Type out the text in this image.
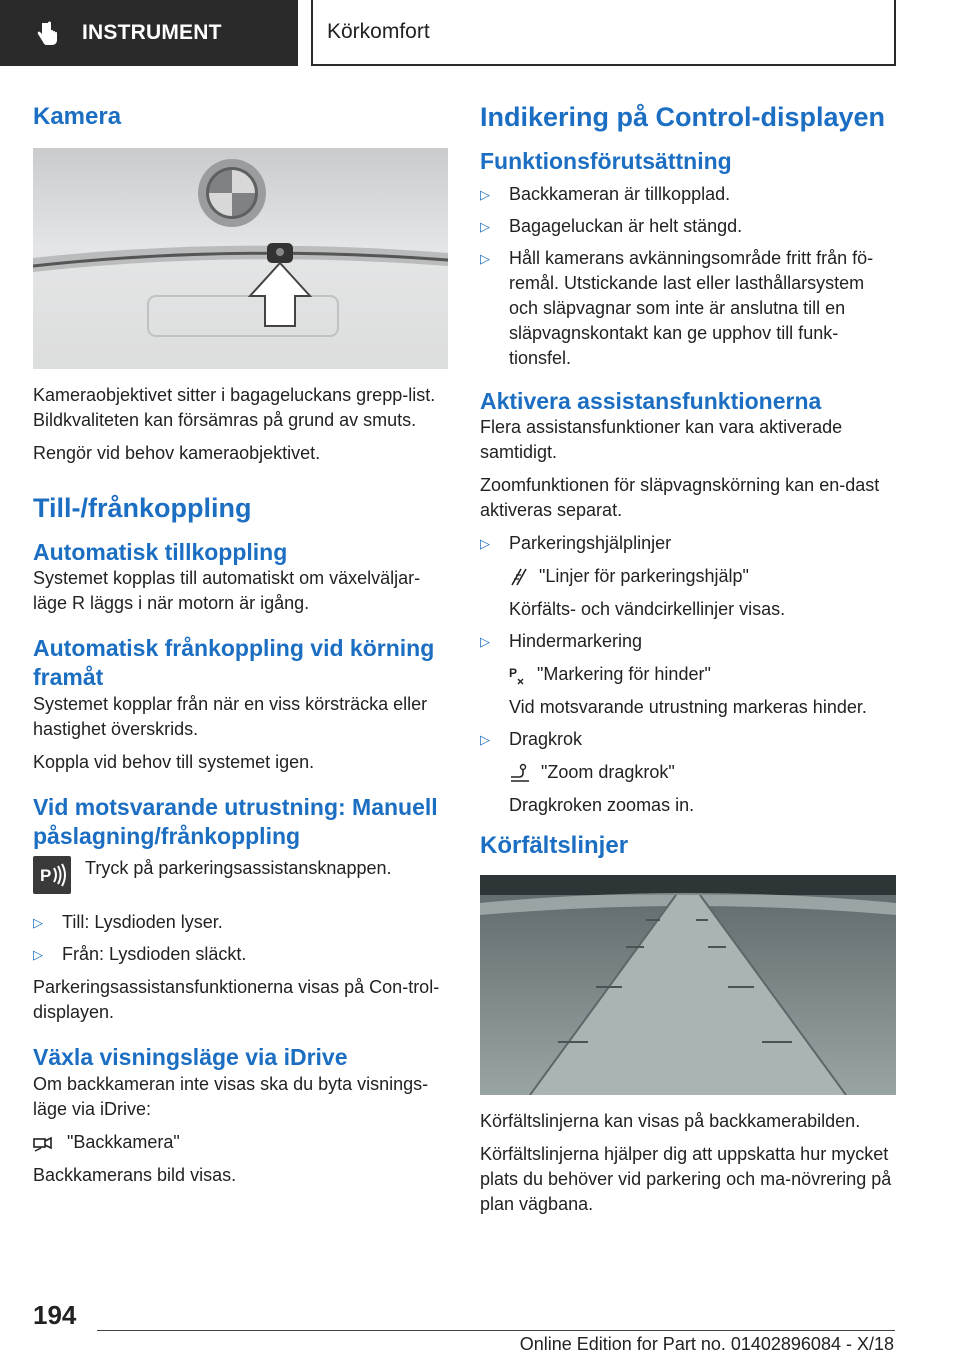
INSTRUMENT	Körkomfort
Kamera

Kameraobjektivet sitter i bagageluckans grepp-list. Bildkvaliteten kan försämras på grund av smuts.

Rengör vid behov kameraobjektivet.

Till-/frånkoppling
Automatisk tillkoppling

Systemet kopplas till automatiskt om växelväljar-läge R läggs i när motorn är igång.

Automatisk frånkoppling vid körning framåt

Systemet kopplar från när en viss körsträcka eller hastighet överskrids.

Koppla vid behov till systemet igen.

Vid motsvarande utrustning: Manuell påslagning/frånkoppling
P Tryck på parkeringsassistansknappen.

▷ Till: Lysdioden lyser.
▷ Från: Lysdioden släckt.

Parkeringsassistansfunktionerna visas på Con-trol-displayen.

Växla visningsläge via iDrive

Om backkameran inte visas ska du byta visnings-läge via iDrive:

"Backkamera"

Backkamerans bild visas.

Indikering på Control-displayen
Funktionsförutsättning
▷ Backkameran är tillkopplad.
▷ Bagageluckan är helt stängd.
▷ Håll kamerans avkänningsområde fritt från fö-remål. Utstickande last eller lasthållarsystem och släpvagnar som inte är anslutna till en släpvagnskontakt kan ge upphov till funk-tionsfel.
Aktivera assistansfunktionerna

Flera assistansfunktioner kan vara aktiverade samtidigt.

Zoomfunktionen för släpvagnskörning kan en-dast aktiveras separat.

▷ Parkeringshjälplinjer
"Linjer för parkeringshjälp"
Körfälts- och vändcirkellinjer visas.
▷ Hindermarkering
P "Markering för hinder"
Vid motsvarande utrustning markeras hinder.
▷ Dragkrok
"Zoom dragkrok"
Dragkroken zoomas in.
Körfältslinjer

Körfältslinjerna kan visas på backkamerabilden.

Körfältslinjerna hjälper dig att uppskatta hur mycket plats du behöver vid parkering och ma-növrering på plan vägbana.

194
Online Edition for Part no. 01402896084 - X/18
